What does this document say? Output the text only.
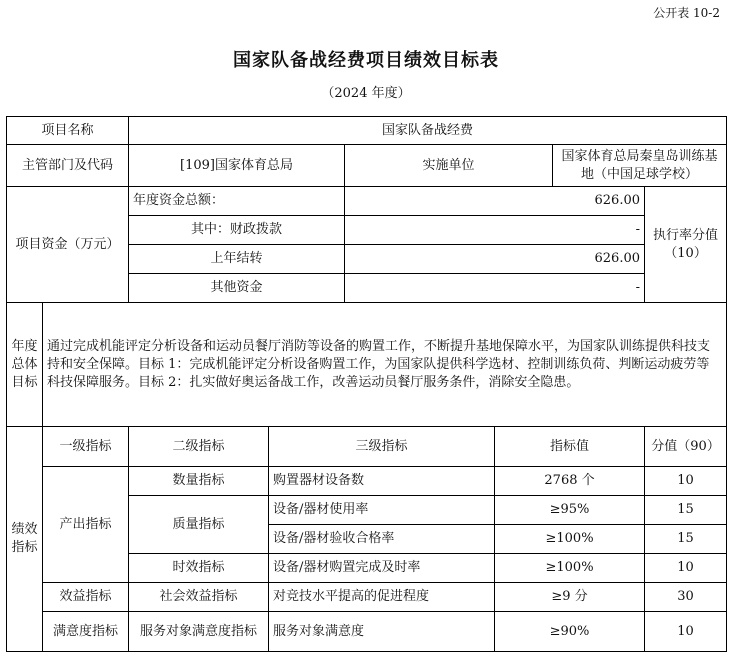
公开表 10-2
国家队备战经费项目绩效目标表
（2024 年度）
项目名称		国家队备战经费					
主管部门及代码		[109]国家体育总局		实施单位		国家体育总局秦皇岛训练基地（中国足球学校）	
项目资金（万元）		年度资金总额：		626.00			执行率分值（10）
		其中：财政拨款		-			
		上年结转		626.00			
		其他资金		-			
年度总体目标	通过完成机能评定分析设备和运动员餐厅消防等设备的购置工作，不断提升基地保障水平，为国家队训练提供科技支持和安全保障。目标 1：完成机能评定分析设备购置工作，为国家队提供科学选材、控制训练负荷、判断运动疲劳等科技保障服务。目标 2：扎实做好奥运备战工作，改善运动员餐厅服务条件，消除安全隐患。						
绩效指标	一级指标	二级指标	三级指标		指标值		分值（90）
	产出指标	数量指标	购置器材设备数		2768 个		10
		质量指标	设备/器材使用率		≥95%		15
			设备/器材验收合格率		≥100%		15
		时效指标	设备/器材购置完成及时率		≥100%		10
	效益指标	社会效益指标	对竞技水平提高的促进程度		≥9 分		30
	满意度指标	服务对象满意度指标	服务对象满意度		≥90%		10
